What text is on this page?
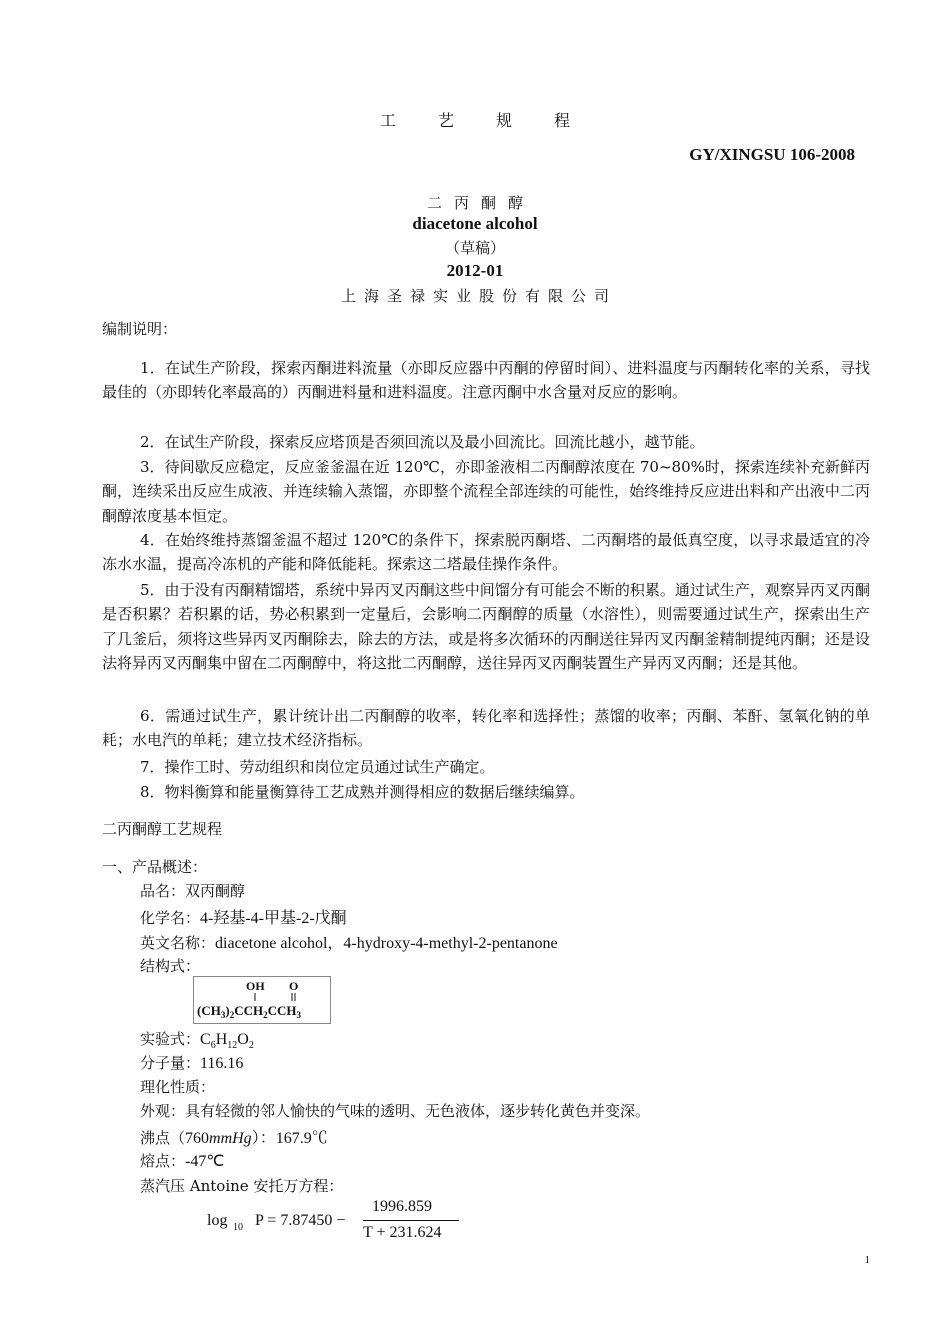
工艺规程
GY/XINGSU 106-2008
二丙酮醇
diacetone alcohol
（草稿）
2012-01
上海圣禄实业股份有限公司
编制说明：
1．在试生产阶段，探索丙酮进料流量（亦即反应器中丙酮的停留时间）、进料温度与丙酮转化率的关系，寻找最佳的（亦即转化率最高的）丙酮进料量和进料温度。注意丙酮中水含量对反应的影响。
2．在试生产阶段，探索反应塔顶是否须回流以及最小回流比。回流比越小，越节能。
3．待间歇反应稳定，反应釜釜温在近 120℃，亦即釜液相二丙酮醇浓度在 70~80%时，探索连续补充新鲜丙酮，连续采出反应生成液、并连续输入蒸馏，亦即整个流程全部连续的可能性，始终维持反应进出料和产出液中二丙酮醇浓度基本恒定。
4．在始终维持蒸馏釜温不超过 120℃的条件下，探索脱丙酮塔、二丙酮塔的最低真空度，以寻求最适宜的冷冻水水温，提高冷冻机的产能和降低能耗。探索这二塔最佳操作条件。
5．由于没有丙酮精馏塔，系统中异丙叉丙酮这些中间馏分有可能会不断的积累。通过试生产，观察异丙叉丙酮是否积累？若积累的话，势必积累到一定量后，会影响二丙酮醇的质量（水溶性），则需要通过试生产，探索出生产了几釜后，须将这些异丙叉丙酮除去，除去的方法，或是将多次循环的丙酮送往异丙叉丙酮釜精制提纯丙酮；还是设法将异丙叉丙酮集中留在二丙酮醇中，将这批二丙酮醇，送往异丙叉丙酮装置生产异丙叉丙酮；还是其他。
6．需通过试生产，累计统计出二丙酮醇的收率，转化率和选择性；蒸馏的收率；丙酮、苯酐、氢氧化钠的单耗；水电汽的单耗；建立技术经济指标。
7．操作工时、劳动组织和岗位定员通过试生产确定。
8．物料衡算和能量衡算待工艺成熟并测得相应的数据后继续编算。
二丙酮醇工艺规程
一、产品概述：
品名：双丙酮醇
化学名：4-羟基-4-甲基-2-戊酮
英文名称：diacetone alcohol，4-hydroxy-4-methyl-2-pentanone
结构式：
OH O
$(CH_3)_2CCH_2CCH_3$
实验式：$C_6H_{12}O_2$
分子量：116.16
理化性质：
外观：具有轻微的邻人愉快的气味的透明、无色液体，逐步转化黄色并变深。
沸点（760mmHg）：167.9℃
熔点：-47℃
蒸汽压 Antoine 安托万方程：
log 10 P = 7.87450 −
1996.859
T + 231.624
1
